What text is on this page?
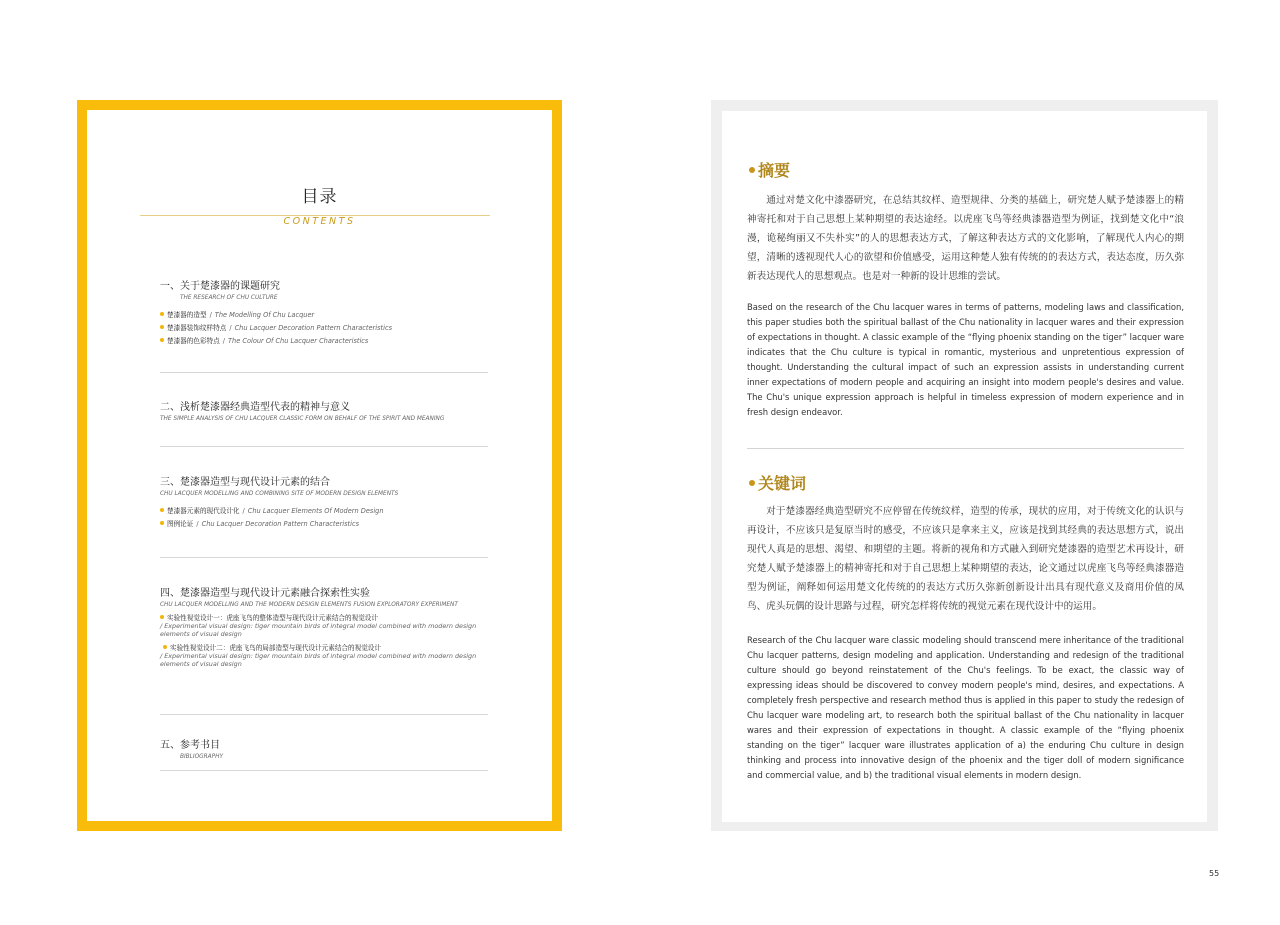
目录
CONTENTS
一、关于楚漆器的课题研究
THE RESEARCH OF CHU CULTURE
楚漆器的造型 / The Modelling Of Chu Lacquer
楚漆器装饰纹样特点 / Chu Lacquer Decoration Pattern Characteristics
楚漆器的色彩特点 / The Colour Of Chu Lacquer Characteristics
二、浅析楚漆器经典造型代表的精神与意义
THE SIMPLE ANALYSIS OF CHU LACQUER CLASSIC FORM ON BEHALF OF THE SPIRIT AND MEANING
三、楚漆器造型与现代设计元素的结合
CHU LACQUER MODELLING AND COMBINING SITE OF MODERN DESIGN ELEMENTS
楚漆器元素的现代设计化 / Chu Lacquer Elements Of Modern Design
图例论证 / Chu Lacquer Decoration Pattern Characteristics
四、楚漆器造型与现代设计元素融合探索性实验
CHU LACQUER MODELLING AND THE MODERN DESIGN ELEMENTS FUSION EXPLORATORY EXPERIMENT
实验性视觉设计一：虎座飞鸟的整体造型与现代设计元素结合的视觉设计
/ Experimental visual design: tiger mountain birds of integral model combined with modern design elements of visual design
实验性视觉设计二：虎座飞鸟的局部造型与现代设计元素结合的视觉设计
/ Experimental visual design: tiger mountain birds of integral model combined with modern design elements of visual design
五、参考书目
BIBLIOGRAPHY
摘要
通过对楚文化中漆器研究，在总结其纹样、造型规律、分类的基础上，研究楚人赋予楚漆器上的精神寄托和对于自己思想上某种期望的表达途经。以虎座飞鸟等经典漆器造型为例证，找到楚文化中“浪漫，诡秘绚丽又不失朴实”的人的思想表达方式，了解这种表达方式的文化影响，了解现代人内心的期望，清晰的透视现代人心的欲望和价值感受，运用这种楚人独有传统的的表达方式，表达态度，历久弥新表达现代人的思想观点。也是对一种新的设计思维的尝试。
Based on the research of the Chu lacquer wares in terms of patterns, modeling laws and classification, this paper studies both the spiritual ballast of the Chu nationality in lacquer wares and their expression of expectations in thought. A classic example of the “flying phoenix standing on the tiger” lacquer ware indicates that the Chu culture is typical in romantic, mysterious and unpretentious expression of thought. Understanding the cultural impact of such an expression assists in understanding current inner expectations of modern people and acquiring an insight into modern people's desires and value. The Chu's unique expression approach is helpful in timeless expression of modern experience and in fresh design endeavor.
关键词
对于楚漆器经典造型研究不应停留在传统纹样，造型的传承，现状的应用，对于传统文化的认识与再设计，不应该只是复原当时的感受，不应该只是拿来主义，应该是找到其经典的表达思想方式，说出现代人真是的思想、渴望、和期望的主题。将新的视角和方式融入到研究楚漆器的造型艺术再设计，研究楚人赋予楚漆器上的精神寄托和对于自己思想上某种期望的表达，论文通过以虎座飞鸟等经典漆器造型为例证，阐释如何运用楚文化传统的的表达方式历久弥新创新设计出具有现代意义及商用价值的凤鸟、虎头玩偶的设计思路与过程，研究怎样将传统的视觉元素在现代设计中的运用。
Research of the Chu lacquer ware classic modeling should transcend mere inheritance of the traditional Chu lacquer patterns, design modeling and application. Understanding and redesign of the traditional culture should go beyond reinstatement of the Chu's feelings. To be exact, the classic way of expressing ideas should be discovered to convey modern people's mind, desires, and expectations. A completely fresh perspective and research method thus is applied in this paper to study the redesign of Chu lacquer ware modeling art, to research both the spiritual ballast of the Chu nationality in lacquer wares and their expression of expectations in thought. A classic example of the “flying phoenix standing on the tiger” lacquer ware illustrates application of a) the enduring Chu culture in design thinking and process into innovative design of the phoenix and the tiger doll of modern significance and commercial value, and b) the traditional visual elements in modern design.
55
